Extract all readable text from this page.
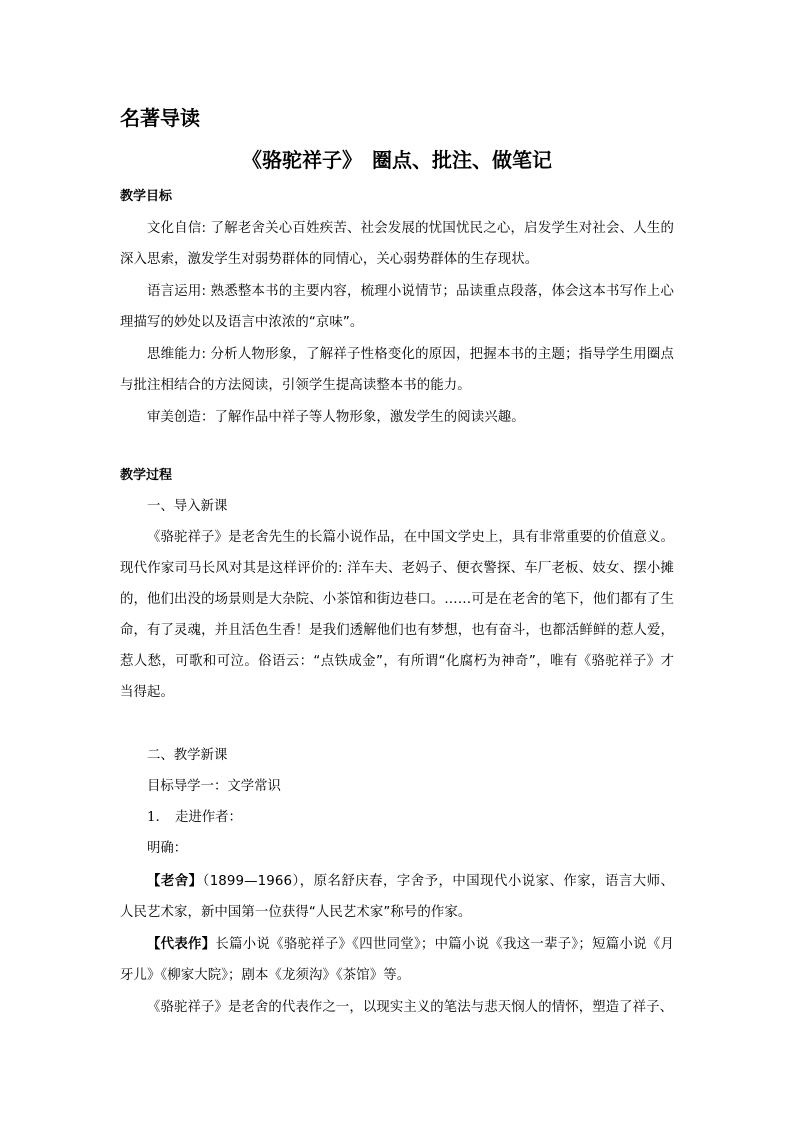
名著导读
《骆驼祥子》　圈点、批注、做笔记

教学目标

文化自信: 了解老舍关心百姓疾苦、社会发展的忧国忧民之心，启发学生对社会、人生的深入思索，激发学生对弱势群体的同情心，关心弱势群体的生存现状。

语言运用: 熟悉整本书的主要内容，梳理小说情节；品读重点段落，体会这本书写作上心理描写的妙处以及语言中浓浓的“京味”。

思维能力: 分析人物形象，了解祥子性格变化的原因，把握本书的主题；指导学生用圈点与批注相结合的方法阅读，引领学生提高读整本书的能力。

审美创造：了解作品中祥子等人物形象，激发学生的阅读兴趣。

教学过程

一、导入新课

《骆驼祥子》是老舍先生的长篇小说作品，在中国文学史上，具有非常重要的价值意义。现代作家司马长风对其是这样评价的: 洋车夫、老妈子、便衣警探、车厂老板、妓女、摆小摊的，他们出没的场景则是大杂院、小茶馆和街边巷口。……可是在老舍的笔下，他们都有了生命，有了灵魂，并且活色生香！是我们透解他们也有梦想，也有奋斗，也都活鲜鲜的惹人爱，惹人愁，可歌和可泣。俗语云：“点铁成金”，有所谓“化腐朽为神奇”，唯有《骆驼祥子》才当得起。

二、教学新课

目标导学一：文学常识

1. 走进作者：

明确：

【老舍】（1899—1966），原名舒庆春，字舍予，中国现代小说家、作家，语言大师、人民艺术家，新中国第一位获得“人民艺术家”称号的作家。

【代表作】长篇小说《骆驼祥子》《四世同堂》；中篇小说《我这一辈子》；短篇小说《月牙儿》《柳家大院》；剧本《龙须沟》《茶馆》等。

《骆驼祥子》是老舍的代表作之一，以现实主义的笔法与悲天悯人的情怀，塑造了祥子、
